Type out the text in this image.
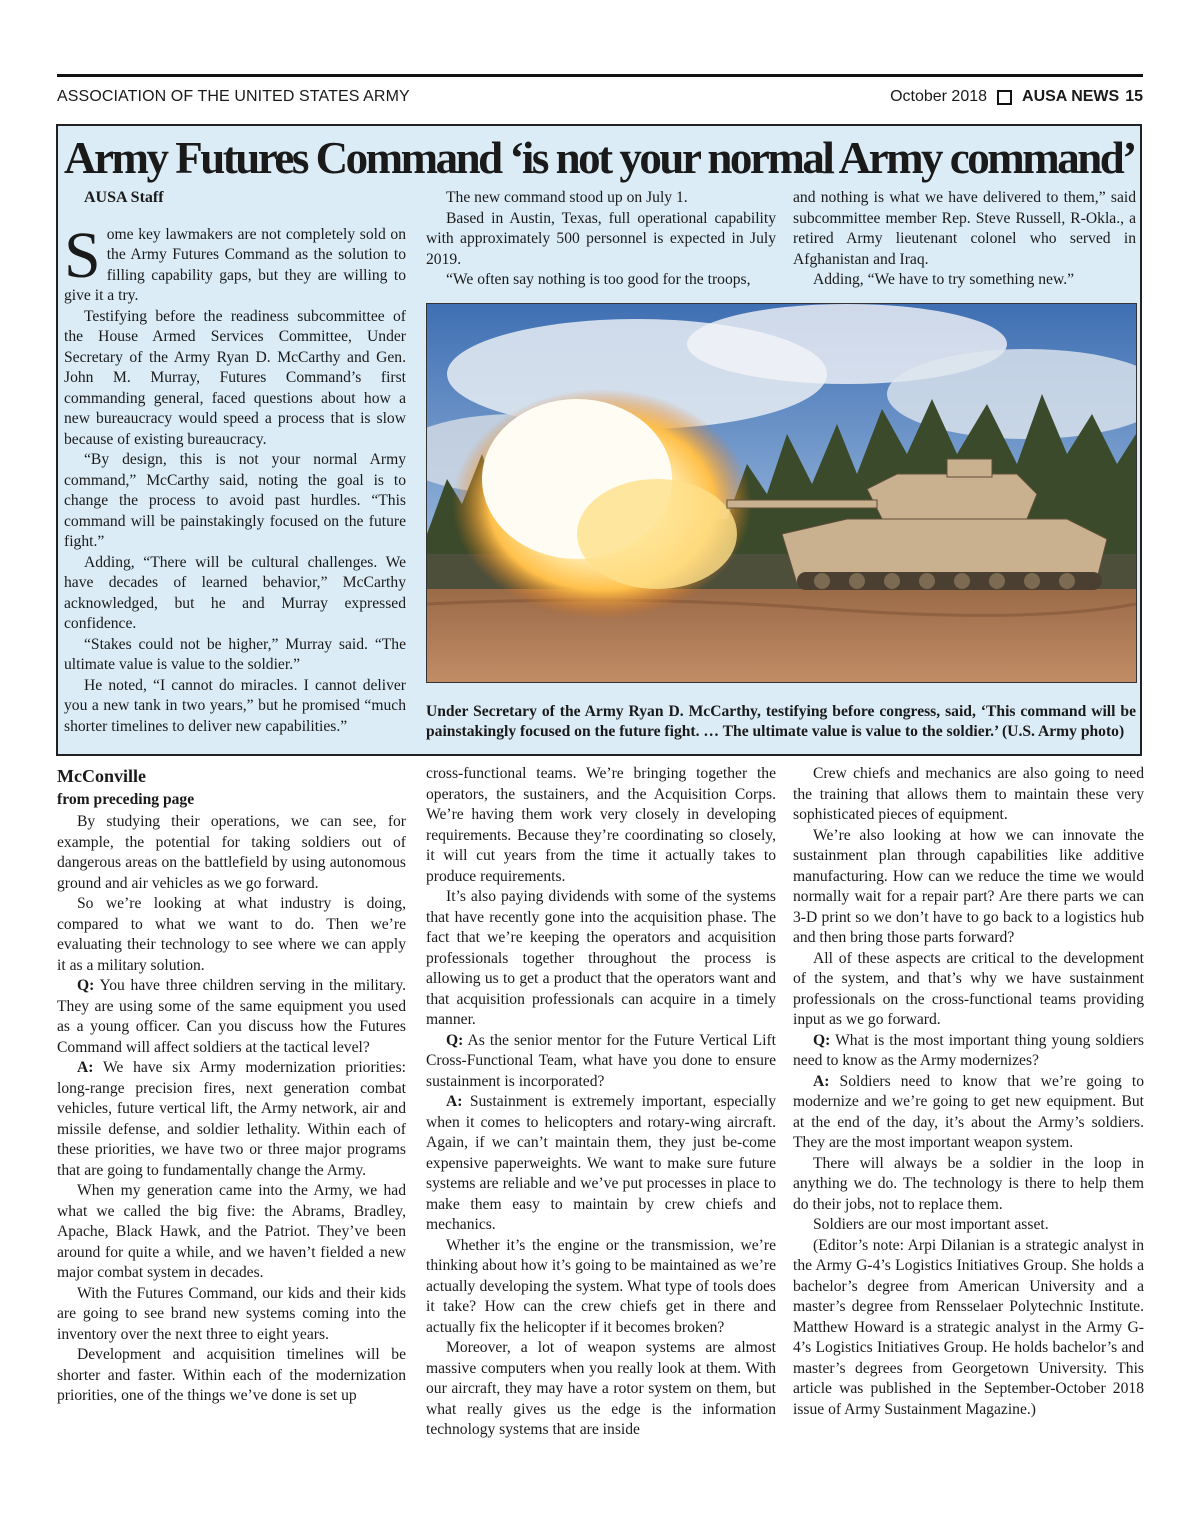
ASSOCIATION OF THE UNITED STATES ARMY	October 2018 AUSA NEWS 15
Army Futures Command ‘is not your normal Army command’

AUSA Staff

Some key lawmakers are not completely sold on the Army Futures Command as the solution to filling capability gaps, but they are willing to give it a try.

Testifying before the readiness subcommittee of the House Armed Services Committee, Under Secretary of the Army Ryan D. McCarthy and Gen. John M. Murray, Futures Command’s first commanding general, faced questions about how a new bureaucracy would speed a process that is slow because of existing bureaucracy.

“By design, this is not your normal Army command,” McCarthy said, noting the goal is to change the process to avoid past hurdles. “This command will be painstakingly focused on the future fight.”

Adding, “There will be cultural challenges. We have decades of learned behavior,” McCarthy acknowledged, but he and Murray expressed confidence.

“Stakes could not be higher,” Murray said. “The ultimate value is value to the soldier.”

He noted, “I cannot do miracles. I cannot deliver you a new tank in two years,” but he promised “much shorter timelines to deliver new capabilities.”

The new command stood up on July 1.

Based in Austin, Texas, full operational capability with approximately 500 personnel is expected in July 2019.

“We often say nothing is too good for the troops,

and nothing is what we have delivered to them,” said subcommittee member Rep. Steve Russell, R-Okla., a retired Army lieutenant colonel who served in Afghanistan and Iraq.

Adding, “We have to try something new.”

Under Secretary of the Army Ryan D. McCarthy, testifying before congress, said, ‘This command will be painstakingly focused on the future fight. … The ultimate value is value to the soldier.’ (U.S. Army photo)

McConville

from preceding page

By studying their operations, we can see, for example, the potential for taking soldiers out of dangerous areas on the battlefield by using autonomous ground and air vehicles as we go forward.

So we’re looking at what industry is doing, compared to what we want to do. Then we’re evaluating their technology to see where we can apply it as a military solution.

Q: You have three children serving in the military. They are using some of the same equipment you used as a young officer. Can you discuss how the Futures Command will affect soldiers at the tactical level?

A: We have six Army modernization priorities: long-range precision fires, next generation combat vehicles, future vertical lift, the Army network, air and missile defense, and soldier lethality. Within each of these priorities, we have two or three major programs that are going to fundamentally change the Army.

When my generation came into the Army, we had what we called the big five: the Abrams, Bradley, Apache, Black Hawk, and the Patriot. They’ve been around for quite a while, and we haven’t fielded a new major combat system in decades.

With the Futures Command, our kids and their kids are going to see brand new systems coming into the inventory over the next three to eight years.

Development and acquisition timelines will be shorter and faster. Within each of the modernization priorities, one of the things we’ve done is set up

cross-functional teams. We’re bringing together the operators, the sustainers, and the Acquisition Corps. We’re having them work very closely in developing requirements. Because they’re coordinating so closely, it will cut years from the time it actually takes to produce requirements.

It’s also paying dividends with some of the systems that have recently gone into the acquisition phase. The fact that we’re keeping the operators and acquisition professionals together throughout the process is allowing us to get a product that the operators want and that acquisition professionals can acquire in a timely manner.

Q: As the senior mentor for the Future Vertical Lift Cross-Functional Team, what have you done to ensure sustainment is incorporated?

A: Sustainment is extremely important, especially when it comes to helicopters and rotary-wing aircraft. Again, if we can’t maintain them, they just be-come expensive paperweights. We want to make sure future systems are reliable and we’ve put processes in place to make them easy to maintain by crew chiefs and mechanics.

Whether it’s the engine or the transmission, we’re thinking about how it’s going to be maintained as we’re actually developing the system. What type of tools does it take? How can the crew chiefs get in there and actually fix the helicopter if it becomes broken?

Moreover, a lot of weapon systems are almost massive computers when you really look at them. With our aircraft, they may have a rotor system on them, but what really gives us the edge is the information technology systems that are inside

Crew chiefs and mechanics are also going to need the training that allows them to maintain these very sophisticated pieces of equipment.

We’re also looking at how we can innovate the sustainment plan through capabilities like additive manufacturing. How can we reduce the time we would normally wait for a repair part? Are there parts we can 3-D print so we don’t have to go back to a logistics hub and then bring those parts forward?

All of these aspects are critical to the development of the system, and that’s why we have sustainment professionals on the cross-functional teams providing input as we go forward.

Q: What is the most important thing young soldiers need to know as the Army modernizes?

A: Soldiers need to know that we’re going to modernize and we’re going to get new equipment. But at the end of the day, it’s about the Army’s soldiers. They are the most important weapon system.

There will always be a soldier in the loop in anything we do. The technology is there to help them do their jobs, not to replace them.

Soldiers are our most important asset.

(Editor’s note: Arpi Dilanian is a strategic analyst in the Army G-4’s Logistics Initiatives Group. She holds a bachelor’s degree from American University and a master’s degree from Rensselaer Polytechnic Institute. Matthew Howard is a strategic analyst in the Army G-4’s Logistics Initiatives Group. He holds bachelor’s and master’s degrees from Georgetown University. This article was published in the September-October 2018 issue of Army Sustainment Magazine.)
